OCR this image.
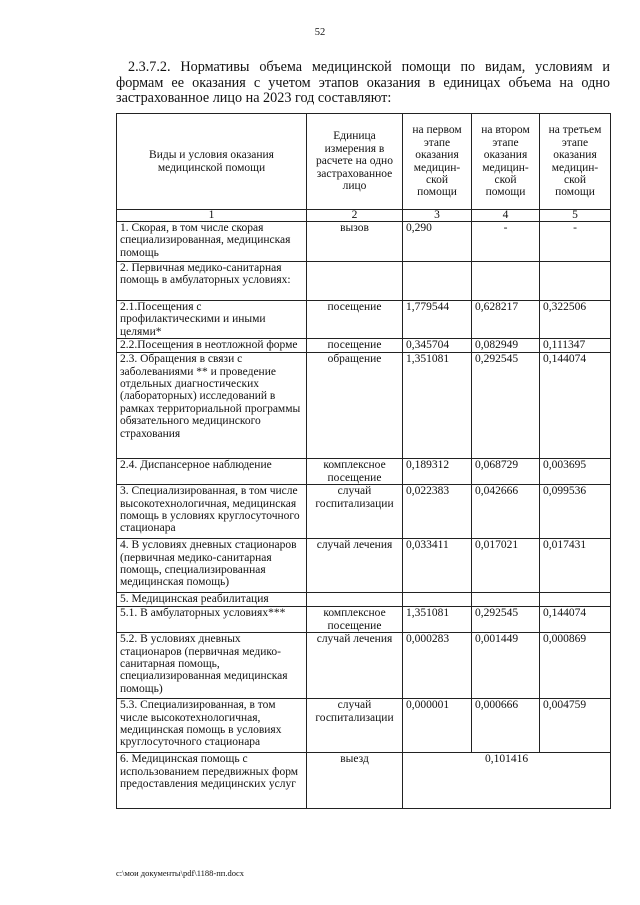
52
2.3.7.2. Нормативы объема медицинской помощи по видам, условиям и формам ее оказания с учетом этапов оказания в единицах объема на одно застрахованное лицо на 2023 год составляют:
Виды и условия оказания медицинской помощи	Единица измерения в расчете на одно застрахованное лицо	на первом этапе оказания медицин-ской помощи	на втором этапе оказания медицин-ской помощи	на третьем этапе оказания медицин-ской помощи
1	2	3	4	5
1. Скорая, в том числе скорая специализированная, медицинская помощь	вызов	0,290	-	-
2. Первичная медико-санитарная помощь в амбулаторных условиях:				
2.1.Посещения с профилактическими и иными целями*	посещение	1,779544	0,628217	0,322506
2.2.Посещения в неотложной форме	посещение	0,345704	0,082949	0,111347
2.3. Обращения в связи с заболеваниями ** и проведение отдельных диагностических (лабораторных) исследований в рамках территориальной программы обязательного медицинского страхования	обращение	1,351081	0,292545	0,144074
2.4. Диспансерное наблюдение	комплексное посещение	0,189312	0,068729	0,003695
3. Специализированная, в том числе высокотехнологичная, медицинская помощь в условиях круглосуточного стационара	случай госпитализации	0,022383	0,042666	0,099536
4. В условиях дневных стационаров (первичная медико-санитарная помощь, специализированная медицинская помощь)	случай лечения	0,033411	0,017021	0,017431
5. Медицинская реабилитация				
5.1. В амбулаторных условиях***	комплексное посещение	1,351081	0,292545	0,144074
5.2. В условиях дневных стационаров (первичная медико-санитарная помощь, специализированная медицинская помощь)	случай лечения	0,000283	0,001449	0,000869
5.3. Специализированная, в том числе высокотехнологичная, медицинская помощь в условиях круглосуточного стационара	случай госпитализации	0,000001	0,000666	0,004759
6. Медицинская помощь с использованием передвижных форм предоставления медицинских услуг	выезд	0,101416		
c:\мои документы\pdf\1188-пп.docx
